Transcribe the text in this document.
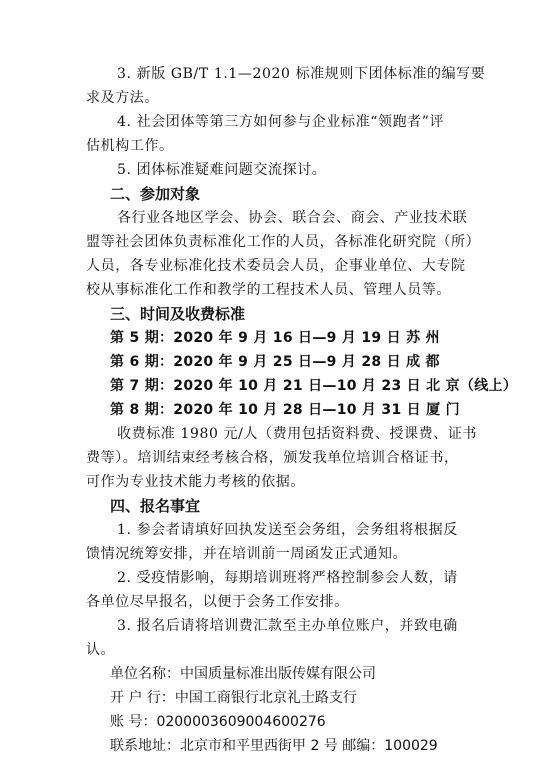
3. 新版 GB/T 1.1—2020 标准规则下团体标准的编写要
求及方法。
4. 社会团体等第三方如何参与企业标准“领跑者”评
估机构工作。
5. 团体标准疑难问题交流探讨。
二、参加对象
各行业各地区学会、协会、联合会、商会、产业技术联
盟等社会团体负责标准化工作的人员，各标准化研究院（所）
人员，各专业标准化技术委员会人员，企事业单位、大专院
校从事标准化工作和教学的工程技术人员、管理人员等。
三、时间及收费标准
第 5 期：2020 年 9 月 16 日—9 月 19 日 苏 州
第 6 期：2020 年 9 月 25 日—9 月 28 日 成 都
第 7 期：2020 年 10 月 21 日—10 月 23 日 北 京（线上）
第 8 期：2020 年 10 月 28 日—10 月 31 日 厦 门
收费标准 1980 元/人（费用包括资料费、授课费、证书
费等）。培训结束经考核合格，颁发我单位培训合格证书，
可作为专业技术能力考核的依据。
四、报名事宜
1. 参会者请填好回执发送至会务组，会务组将根据反
馈情况统筹安排，并在培训前一周函发正式通知。
2. 受疫情影响，每期培训班将严格控制参会人数，请
各单位尽早报名，以便于会务工作安排。
3. 报名后请将培训费汇款至主办单位账户，并致电确
认。
单位名称：中国质量标准出版传媒有限公司
开 户 行：中国工商银行北京礼士路支行
账 号：0200003609004600276
联系地址：北京市和平里西街甲 2 号 邮编：100029
